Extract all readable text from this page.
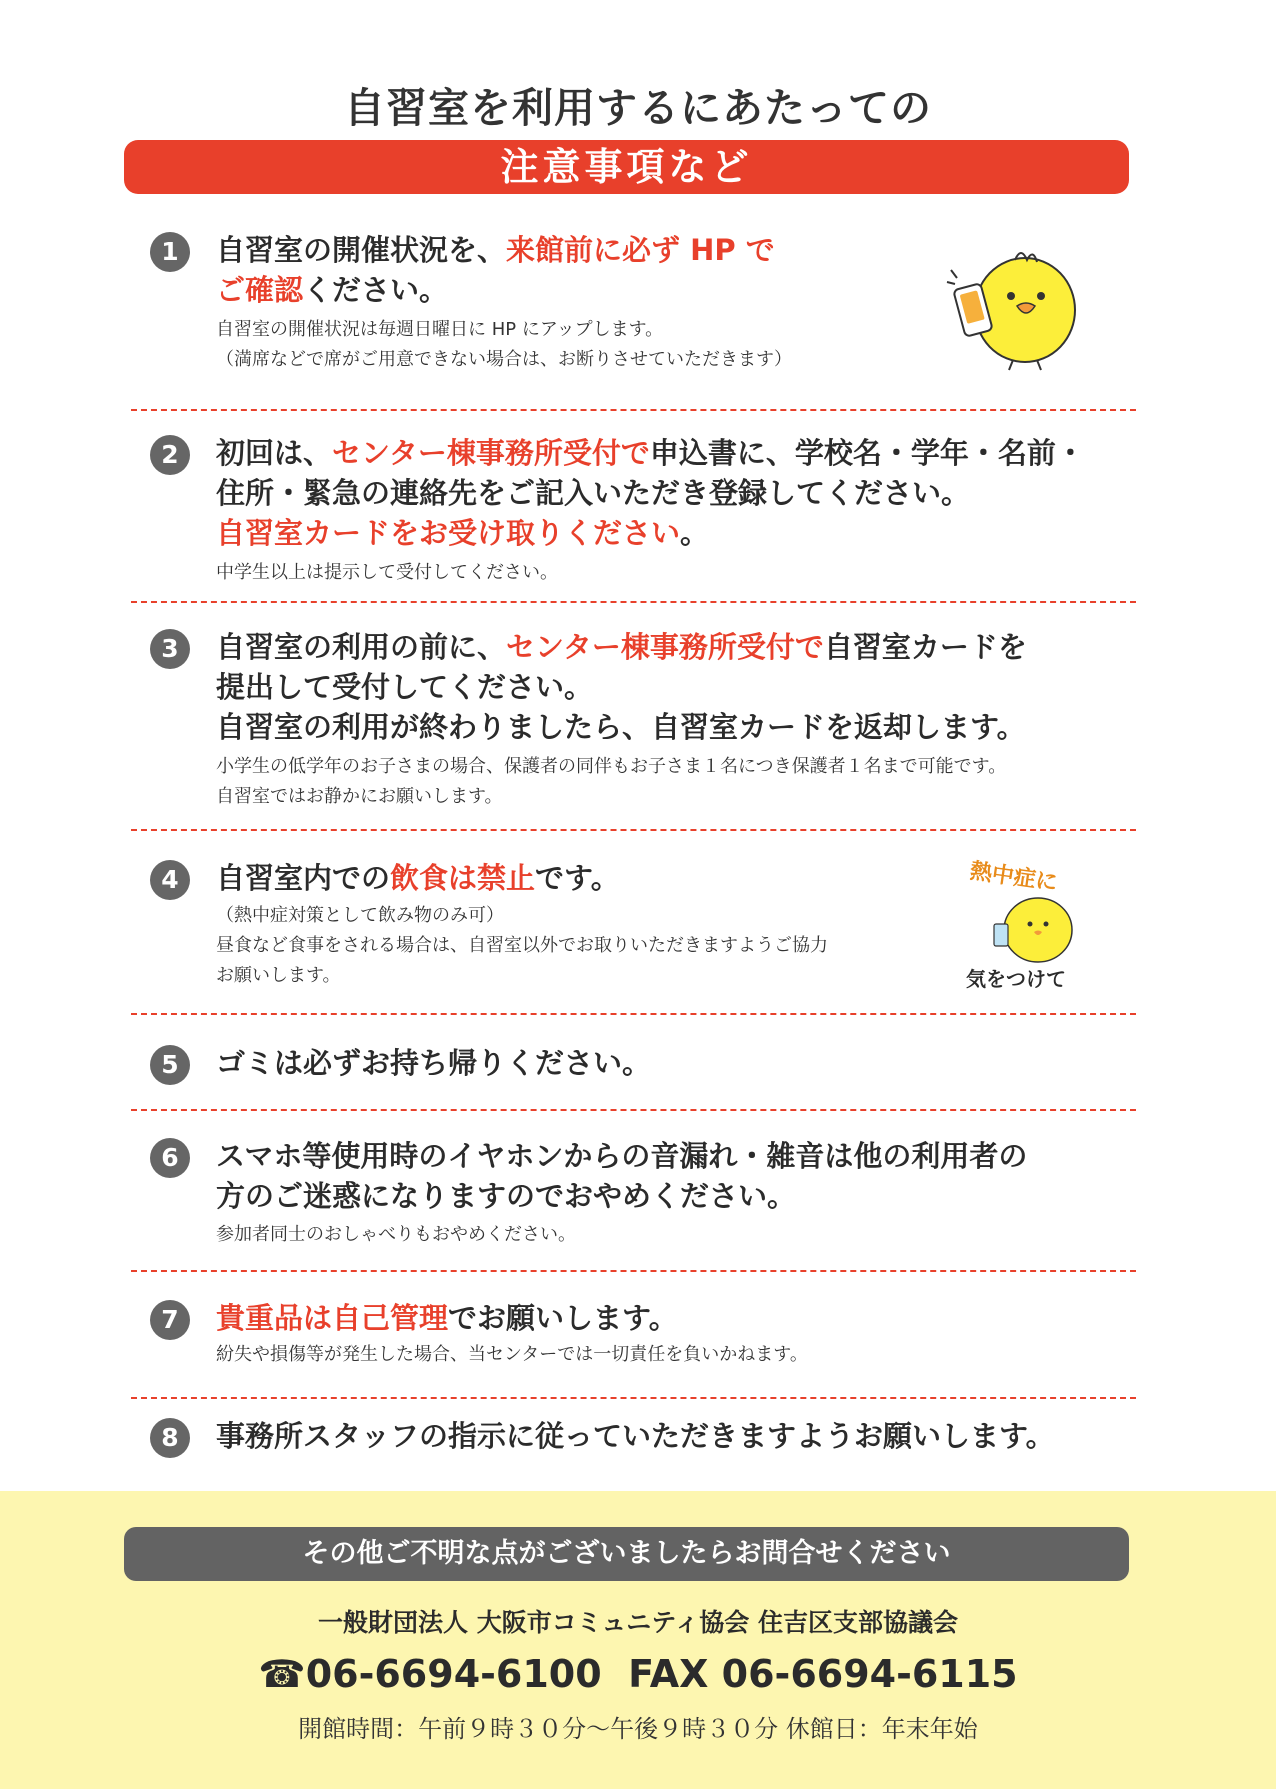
自習室を利用するにあたっての
注意事項など
1	自習室の開催状況を、来館前に必ず HP で
ご確認ください。
自習室の開催状況は毎週日曜日に HP にアップします。
（満席などで席がご用意できない場合は、お断りさせていただきます）
2	初回は、センター棟事務所受付で申込書に、学校名・学年・名前・
住所・緊急の連絡先をご記入いただき登録してください。
自習室カードをお受け取りください。
中学生以上は提示して受付してください。
3	自習室の利用の前に、センター棟事務所受付で自習室カードを
提出して受付してください。
自習室の利用が終わりましたら、自習室カードを返却します。
小学生の低学年のお子さまの場合、保護者の同伴もお子さま１名につき保護者１名まで可能です。
自習室ではお静かにお願いします。
4	自習室内での飲食は禁止です。
（熱中症対策として飲み物のみ可）
昼食など食事をされる場合は、自習室以外でお取りいただきますようご協力
お願いします。
熱中症に
気をつけて
5	ゴミは必ずお持ち帰りください。
6	スマホ等使用時のイヤホンからの音漏れ・雑音は他の利用者の
方のご迷惑になりますのでおやめください。
参加者同士のおしゃべりもおやめください。
7	貴重品は自己管理でお願いします。
紛失や損傷等が発生した場合、当センターでは一切責任を負いかねます。
8	事務所スタッフの指示に従っていただきますようお願いします。
その他ご不明な点がございましたらお問合せください
一般財団法人 大阪市コミュニティ協会 住吉区支部協議会
☎06-6694-6100 FAX 06-6694-6115
開館時間：午前９時３０分～午後９時３０分 休館日：年末年始
